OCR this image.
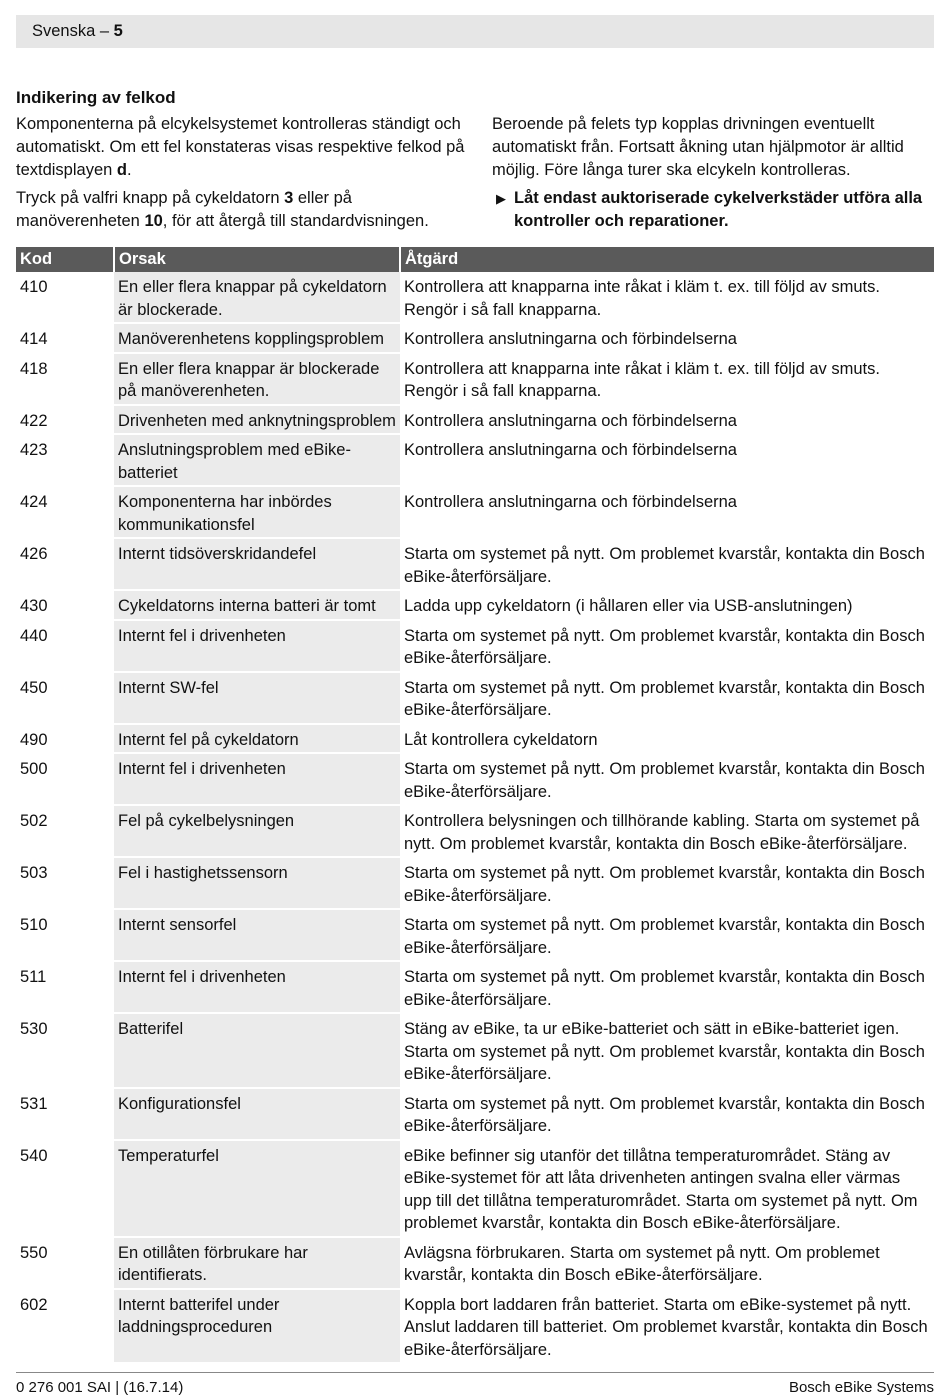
Svenska – 5
Indikering av felkod

Komponenterna på elcykelsystemet kontrolleras ständigt och automatiskt. Om ett fel konstateras visas respektive felkod på textdisplayen d.

Tryck på valfri knapp på cykeldatorn 3 eller på manöverenheten 10, för att återgå till standardvisningen.

Beroende på felets typ kopplas drivningen eventuellt automatiskt från. Fortsatt åkning utan hjälpmotor är alltid möjlig. Före långa turer ska elcykeln kontrolleras.

▶ Låt endast auktoriserade cykelverkstäder utföra alla kontroller och reparationer.
Kod	Orsak	Åtgärd
410	En eller flera knappar på cykeldatorn är blockerade.	Kontrollera att knapparna inte råkat i kläm t. ex. till följd av smuts. Rengör i så fall knapparna.
414	Manöverenhetens kopplingsproblem	Kontrollera anslutningarna och förbindelserna
418	En eller flera knappar är blockerade på manöverenheten.	Kontrollera att knapparna inte råkat i kläm t. ex. till följd av smuts. Rengör i så fall knapparna.
422	Drivenheten med anknytningsproblem	Kontrollera anslutningarna och förbindelserna
423	Anslutningsproblem med eBike-batteriet	Kontrollera anslutningarna och förbindelserna
424	Komponenterna har inbördes kommunikationsfel	Kontrollera anslutningarna och förbindelserna
426	Internt tidsöverskridandefel	Starta om systemet på nytt. Om problemet kvarstår, kontakta din Bosch eBike-återförsäljare.
430	Cykeldatorns interna batteri är tomt	Ladda upp cykeldatorn (i hållaren eller via USB-anslutningen)
440	Internt fel i drivenheten	Starta om systemet på nytt. Om problemet kvarstår, kontakta din Bosch eBike-återförsäljare.
450	Internt SW-fel	Starta om systemet på nytt. Om problemet kvarstår, kontakta din Bosch eBike-återförsäljare.
490	Internt fel på cykeldatorn	Låt kontrollera cykeldatorn
500	Internt fel i drivenheten	Starta om systemet på nytt. Om problemet kvarstår, kontakta din Bosch eBike-återförsäljare.
502	Fel på cykelbelysningen	Kontrollera belysningen och tillhörande kabling. Starta om systemet på nytt. Om problemet kvarstår, kontakta din Bosch eBike-återförsäljare.
503	Fel i hastighetssensorn	Starta om systemet på nytt. Om problemet kvarstår, kontakta din Bosch eBike-återförsäljare.
510	Internt sensorfel	Starta om systemet på nytt. Om problemet kvarstår, kontakta din Bosch eBike-återförsäljare.
511	Internt fel i drivenheten	Starta om systemet på nytt. Om problemet kvarstår, kontakta din Bosch eBike-återförsäljare.
530	Batterifel	Stäng av eBike, ta ur eBike-batteriet och sätt in eBike-batteriet igen. Starta om systemet på nytt. Om problemet kvarstår, kontakta din Bosch eBike-återförsäljare.
531	Konfigurationsfel	Starta om systemet på nytt. Om problemet kvarstår, kontakta din Bosch eBike-återförsäljare.
540	Temperaturfel	eBike befinner sig utanför det tillåtna temperaturområdet. Stäng av eBike-systemet för att låta drivenheten antingen svalna eller värmas upp till det tillåtna temperaturområdet. Starta om systemet på nytt. Om problemet kvarstår, kontakta din Bosch eBike-återförsäljare.
550	En otillåten förbrukare har identifierats.	Avlägsna förbrukaren. Starta om systemet på nytt. Om problemet kvarstår, kontakta din Bosch eBike-återförsäljare.
602	Internt batterifel under laddningsproceduren	Koppla bort laddaren från batteriet. Starta om eBike-systemet på nytt. Anslut laddaren till batteriet. Om problemet kvarstår, kontakta din Bosch eBike-återförsäljare.
0 276 001 SAI | (16.7.14)	Bosch eBike Systems
